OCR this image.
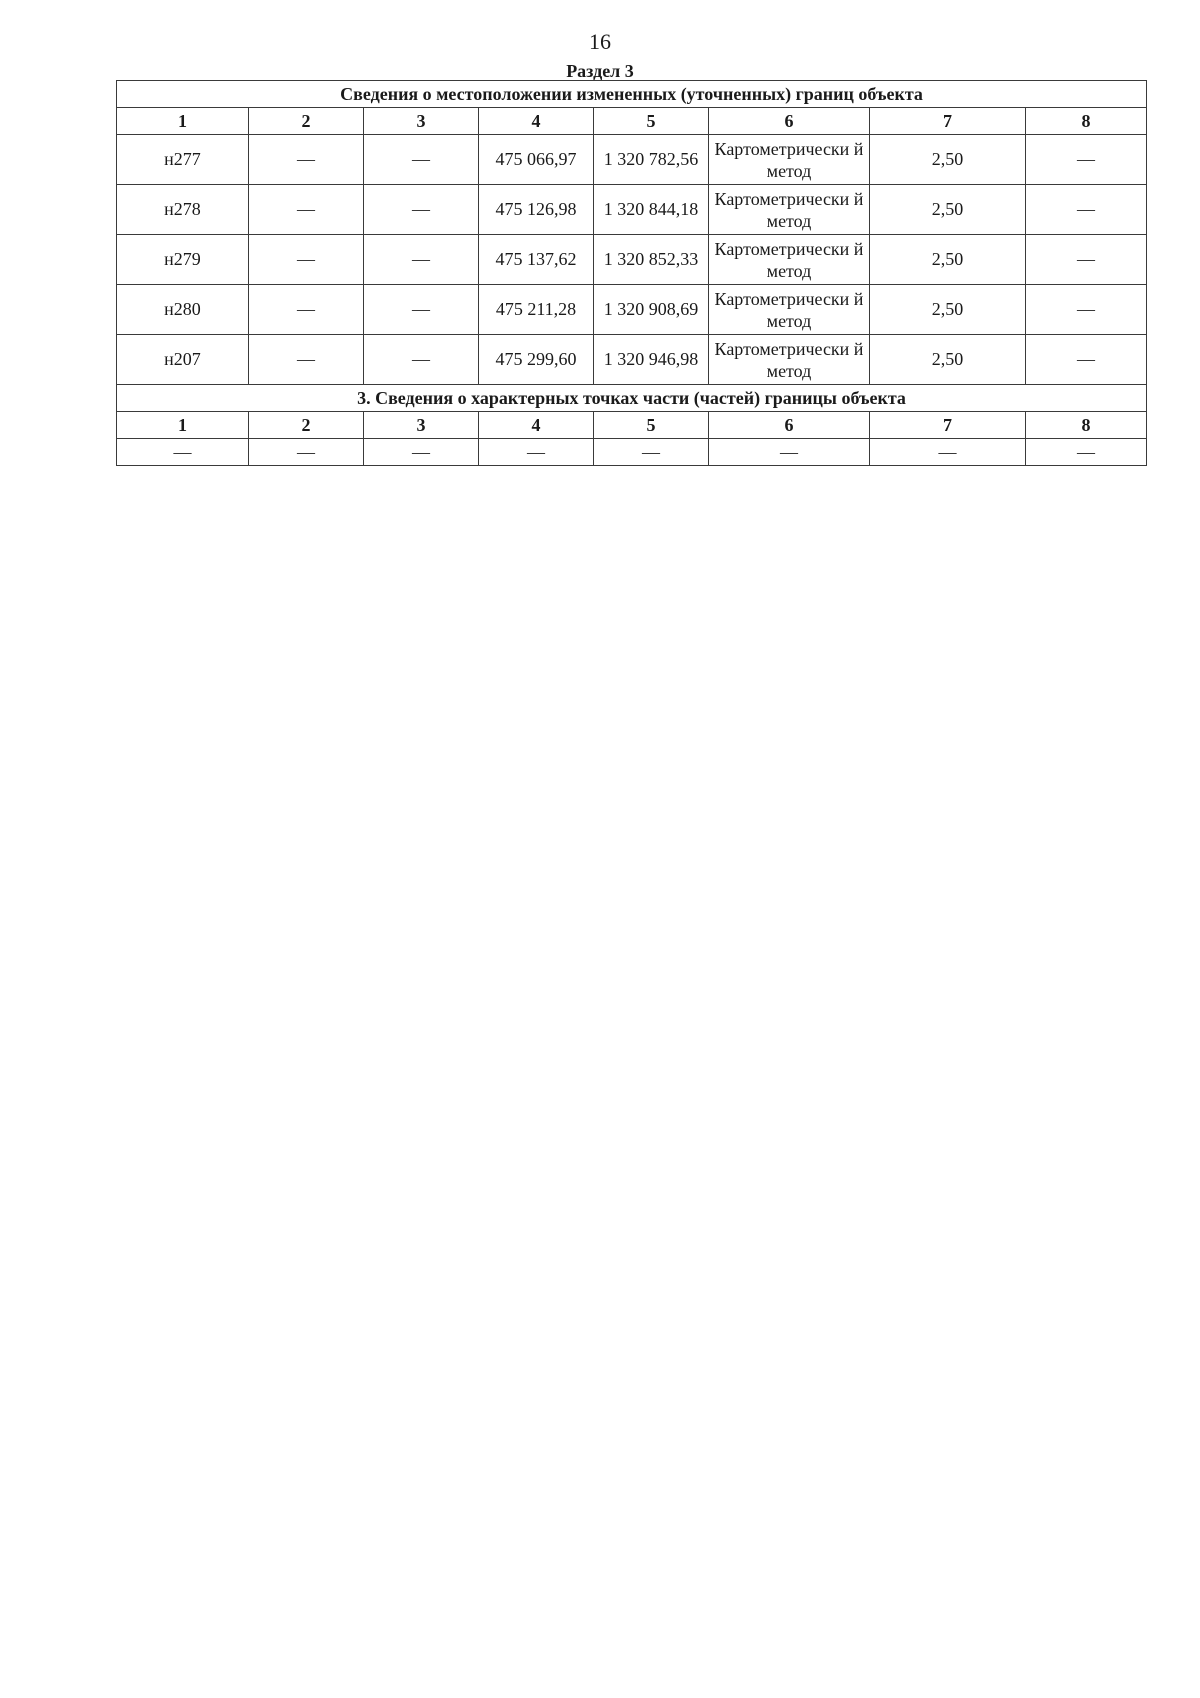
16
Раздел 3
Сведения о местоположении измененных (уточненных) границ объекта							
1	2	3	4	5	6	7	8
н277	—	—	475 066,97	1 320 782,56	Картометрически й метод	2,50	—
н278	—	—	475 126,98	1 320 844,18	Картометрически й метод	2,50	—
н279	—	—	475 137,62	1 320 852,33	Картометрически й метод	2,50	—
н280	—	—	475 211,28	1 320 908,69	Картометрически й метод	2,50	—
н207	—	—	475 299,60	1 320 946,98	Картометрически й метод	2,50	—
3. Сведения о характерных точках части (частей) границы объекта							
1	2	3	4	5	6	7	8
—	—	—	—	—	—	—	—
